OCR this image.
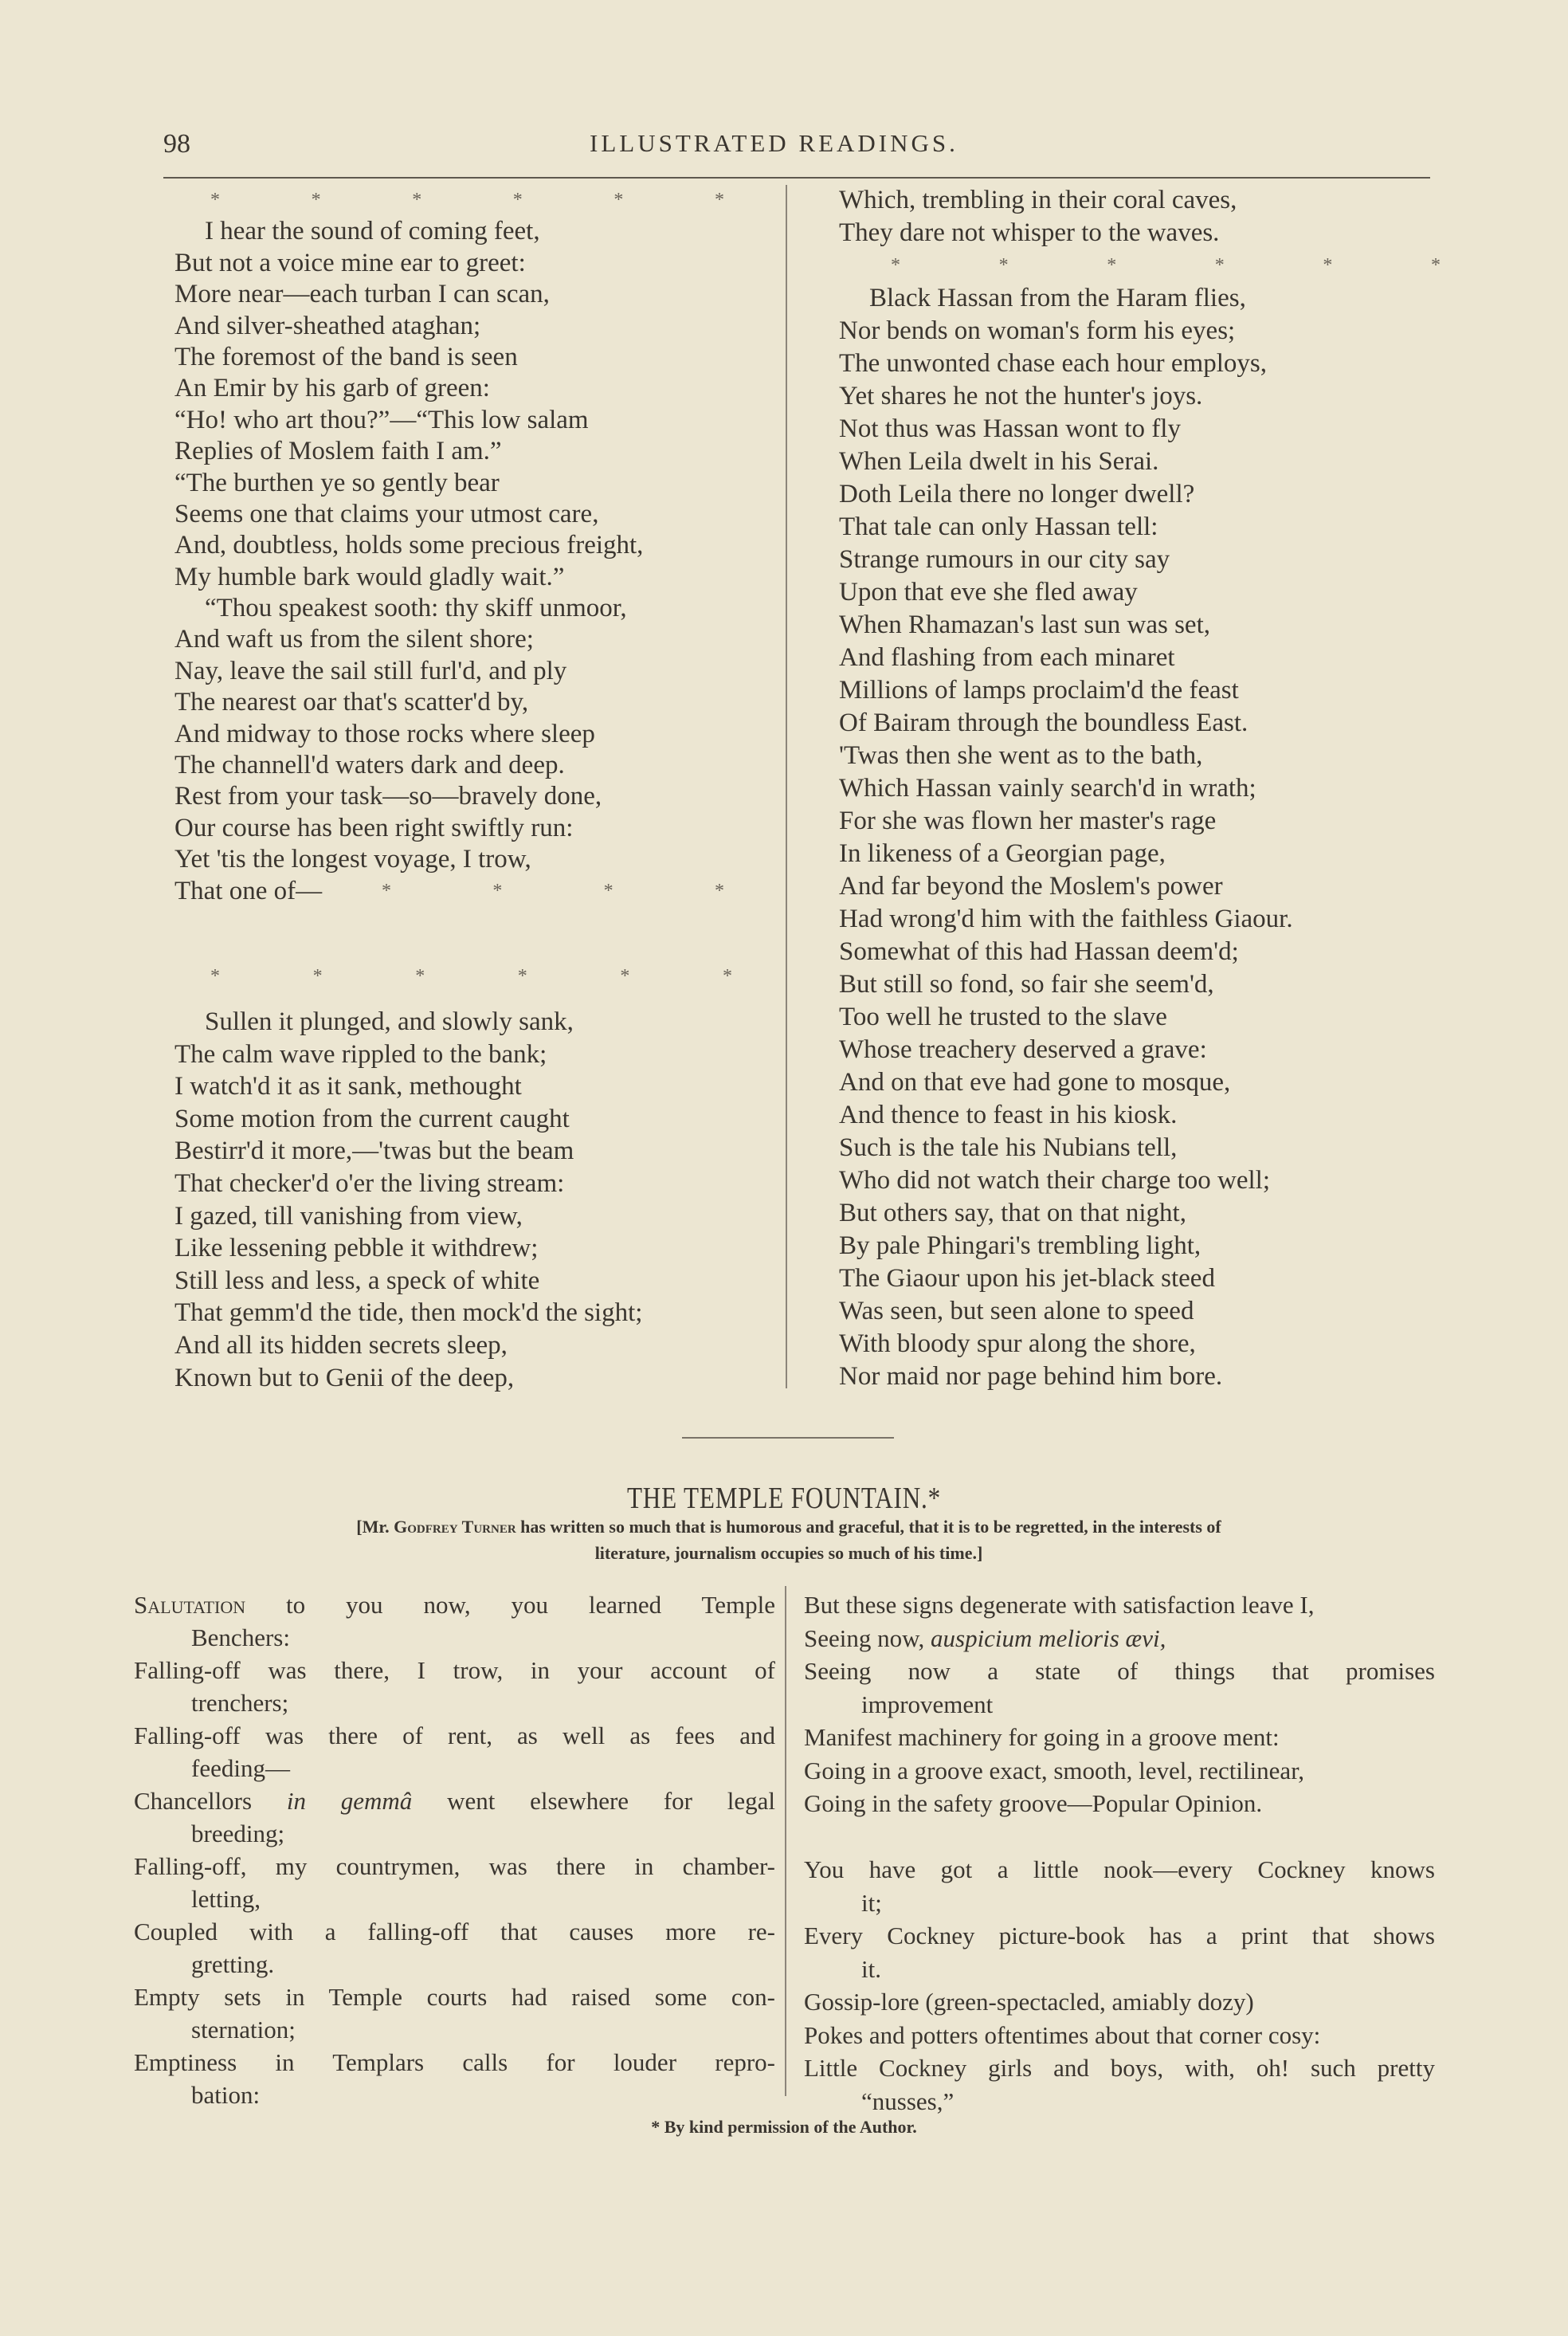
98	ILLUSTRATED READINGS.
*	*	*	*	*	*
I hear the sound of coming feet,
But not a voice mine ear to greet:
More near—each turban I can scan,
And silver-sheathed ataghan;
The foremost of the band is seen
An Emir by his garb of green:
“Ho! who art thou?”—“This low salam
Replies of Moslem faith I am.”
“The burthen ye so gently bear
Seems one that claims your utmost care,
And, doubtless, holds some precious freight,
My humble bark would gladly wait.”
“Thou speakest sooth: thy skiff unmoor,
And waft us from the silent shore;
Nay, leave the sail still furl'd, and ply
The nearest oar that's scatter'd by,
And midway to those rocks where sleep
The channell'd waters dark and deep.
Rest from your task—so—bravely done,
Our course has been right swiftly run:
Yet 'tis the longest voyage, I trow,
That one of—	*	*	*	*
*	*	*	*	*	*
Sullen it plunged, and slowly sank,
The calm wave rippled to the bank;
I watch'd it as it sank, methought
Some motion from the current caught
Bestirr'd it more,—'twas but the beam
That checker'd o'er the living stream:
I gazed, till vanishing from view,
Like lessening pebble it withdrew;
Still less and less, a speck of white
That gemm'd the tide, then mock'd the sight;
And all its hidden secrets sleep,
Known but to Genii of the deep,
Which, trembling in their coral caves,
They dare not whisper to the waves.
*	*	*	*	*	*
Black Hassan from the Haram flies,
Nor bends on woman's form his eyes;
The unwonted chase each hour employs,
Yet shares he not the hunter's joys.
Not thus was Hassan wont to fly
When Leila dwelt in his Serai.
Doth Leila there no longer dwell?
That tale can only Hassan tell:
Strange rumours in our city say
Upon that eve she fled away
When Rhamazan's last sun was set,
And flashing from each minaret
Millions of lamps proclaim'd the feast
Of Bairam through the boundless East.
'Twas then she went as to the bath,
Which Hassan vainly search'd in wrath;
For she was flown her master's rage
In likeness of a Georgian page,
And far beyond the Moslem's power
Had wrong'd him with the faithless Giaour.
Somewhat of this had Hassan deem'd;
But still so fond, so fair she seem'd,
Too well he trusted to the slave
Whose treachery deserved a grave:
And on that eve had gone to mosque,
And thence to feast in his kiosk.
Such is the tale his Nubians tell,
Who did not watch their charge too well;
But others say, that on that night,
By pale Phingari's trembling light,
The Giaour upon his jet-black steed
Was seen, but seen alone to speed
With bloody spur along the shore,
Nor maid nor page behind him bore.
THE TEMPLE FOUNTAIN.*
[Mr. Godfrey Turner has written so much that is humorous and graceful, that it is to be regretted, in the interests of
literature, journalism occupies so much of his time.]
Salutation to you now, you learned Temple
Benchers:
Falling-off was there, I trow, in your account of
trenchers;
Falling-off was there of rent, as well as fees and
feeding—
Chancellors in gemmâ went elsewhere for legal
breeding;
Falling-off, my countrymen, was there in chamber-
letting,
Coupled with a falling-off that causes more re-
gretting.
Empty sets in Temple courts had raised some con-
sternation;
Emptiness in Templars calls for louder repro-
bation:
But these signs degenerate with satisfaction leave I,
Seeing now, auspicium melioris ævi,
Seeing now a state of things that promises
improvement
Manifest machinery for going in a groove ment:
Going in a groove exact, smooth, level, rectilinear,
Going in the safety groove—Popular Opinion.
You have got a little nook—every Cockney knows
it;
Every Cockney picture-book has a print that shows
it.
Gossip-lore (green-spectacled, amiably dozy)
Pokes and potters oftentimes about that corner cosy:
Little Cockney girls and boys, with, oh! such pretty
“nusses,”
* By kind permission of the Author.
